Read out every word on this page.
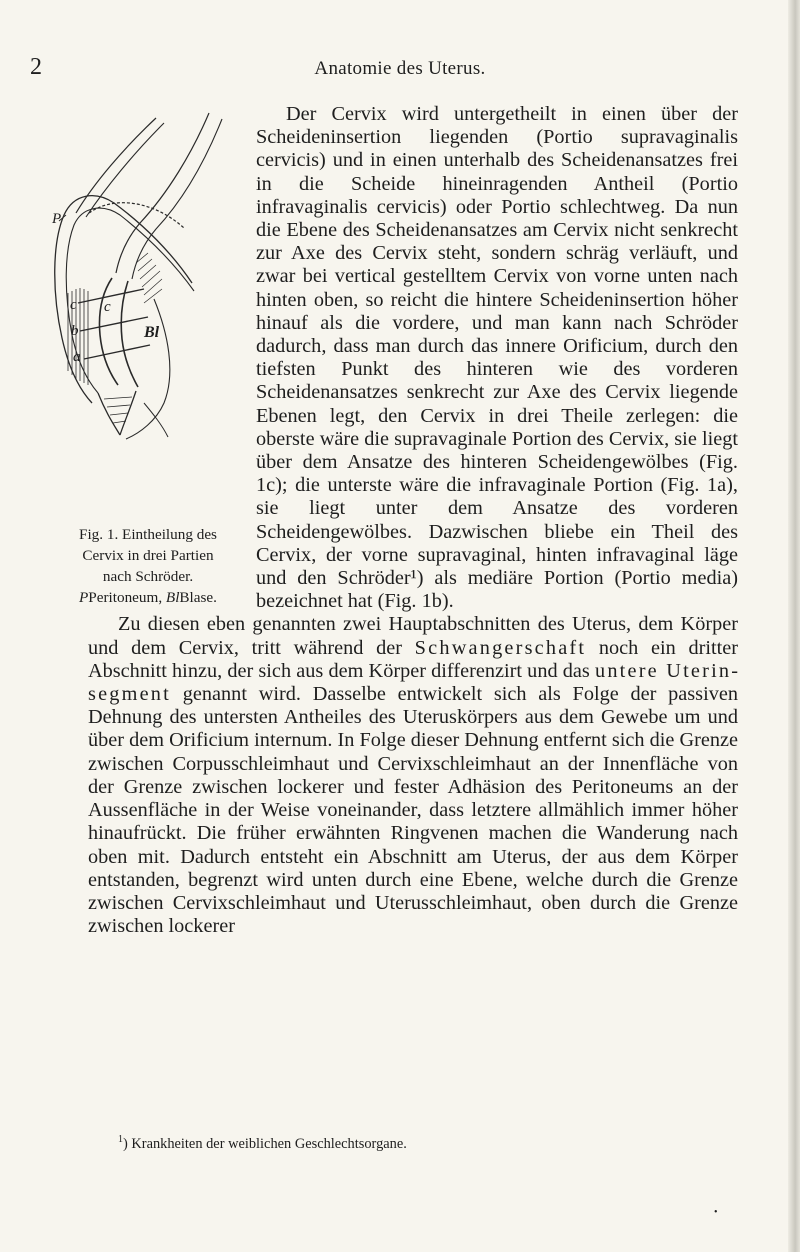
2	Anatomie des Uterus.
P
c c
b
a
Bl
Fig. 1. Eintheilung des
Cervix in drei Partien
nach Schröder.
PPeritoneum, BlBlase.

Der Cervix wird untergetheilt in einen über der Scheideninsertion liegenden (Portio supravaginalis cervicis) und in einen unterhalb des Scheidenansatzes frei in die Scheide hineinragenden Antheil (Portio infravaginalis cervicis) oder Portio schlechtweg. Da nun die Ebene des Scheidenansatzes am Cervix nicht senkrecht zur Axe des Cervix steht, sondern schräg verläuft, und zwar bei vertical gestelltem Cervix von vorne unten nach hinten oben, so reicht die hintere Scheideninsertion höher hinauf als die vordere, und man kann nach Schröder dadurch, dass man durch das innere Orificium, durch den tiefsten Punkt des hinteren wie des vorderen Scheidenansatzes senkrecht zur Axe des Cervix liegende Ebenen legt, den Cervix in drei Theile zerlegen: die oberste wäre die supravaginale Portion des Cervix, sie liegt über dem Ansatze des hinteren Scheidengewölbes (Fig. 1c); die unterste wäre die infravaginale Portion (Fig. 1a), sie liegt unter dem Ansatze des vorderen Scheidengewölbes. Dazwischen bliebe ein Theil des Cervix, der vorne supravaginal, hinten infravaginal läge und den Schröder¹) als mediäre Portion (Portio media) bezeichnet hat (Fig. 1b).

Zu diesen eben genannten zwei Hauptabschnitten des Uterus, dem Körper und dem Cervix, tritt während der Schwangerschaft noch ein dritter Abschnitt hinzu, der sich aus dem Körper differenzirt und das untere Uterinsegment genannt wird. Dasselbe entwickelt sich als Folge der passiven Dehnung des untersten Antheiles des Uteruskörpers aus dem Gewebe um und über dem Orificium internum. In Folge dieser Dehnung entfernt sich die Grenze zwischen Corpusschleimhaut und Cervixschleimhaut an der Innenfläche von der Grenze zwischen lockerer und fester Adhäsion des Peritoneums an der Aussenfläche in der Weise voneinander, dass letztere allmählich immer höher hinaufrückt. Die früher erwähnten Ringvenen machen die Wanderung nach oben mit. Dadurch entsteht ein Abschnitt am Uterus, der aus dem Körper entstanden, begrenzt wird unten durch eine Ebene, welche durch die Grenze zwischen Cervixschleimhaut und Uterusschleimhaut, oben durch die Grenze zwischen lockerer

$^1$) Krankheiten der weiblichen Geschlechtsorgane.
•
